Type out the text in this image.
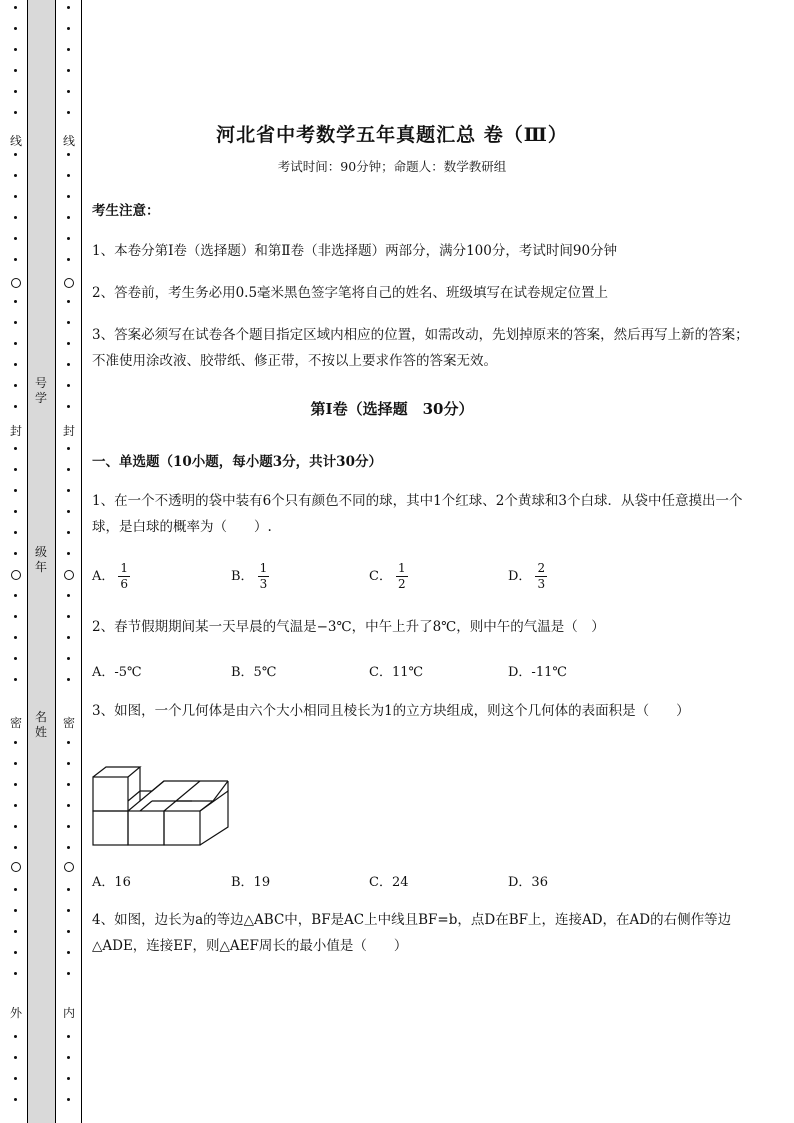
线
封
密
外
线
封
密
内
号
学
级
年
名
姓
河北省中考数学五年真题汇总 卷（Ⅲ）
考试时间：90分钟；命题人：数学教研组
考生注意：
1、本卷分第Ⅰ卷（选择题）和第Ⅱ卷（非选择题）两部分，满分100分，考试时间90分钟
2、答卷前，考生务必用0.5毫米黑色签字笔将自己的姓名、班级填写在试卷规定位置上
3、答案必须写在试卷各个题目指定区域内相应的位置，如需改动，先划掉原来的答案，然后再写上新的答案；不准使用涂改液、胶带纸、修正带，不按以上要求作答的答案无效。
第Ⅰ卷（选择题　30分）
一、单选题（10小题，每小题3分，共计30分）
1、在一个不透明的袋中装有6个只有颜色不同的球，其中1个红球、2个黄球和3个白球．从袋中任意摸出一个球，是白球的概率为（　　）.
A． $\frac{1}{6}$	B． $\frac{1}{3}$	C． $\frac{1}{2}$	D． $\frac{2}{3}$
2、春节假期期间某一天早晨的气温是−3℃，中午上升了8℃，则中午的气温是（　）
A．-5℃	B．5℃	C．11℃	D．-11℃
3、如图，一个几何体是由六个大小相同且棱长为1的立方块组成，则这个几何体的表面积是（　　）
A．16	B．19	C．24	D．36
4、如图，边长为a的等边△ABC中，BF是AC上中线且BF=b，点D在BF上，连接AD，在AD的右侧作等边△ADE，连接EF，则△AEF周长的最小值是（　　）
